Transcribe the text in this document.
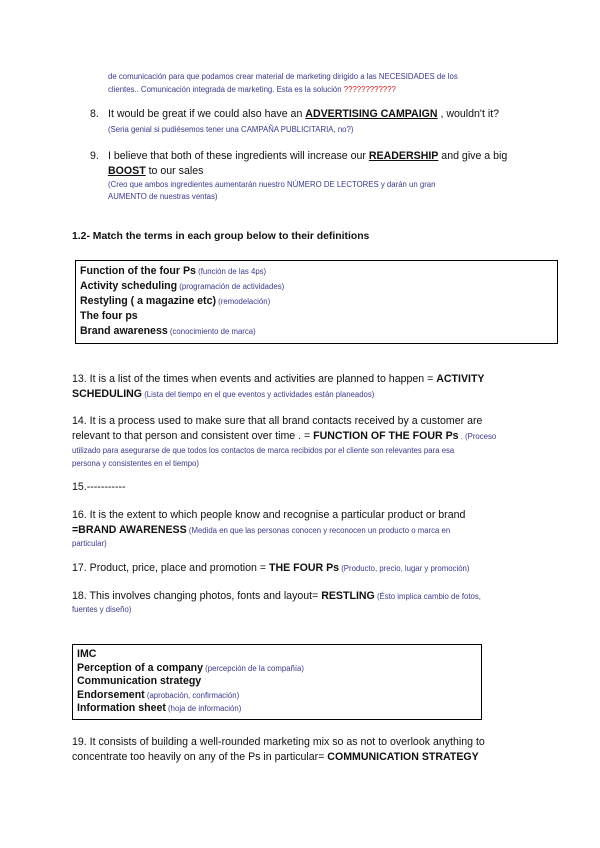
de comunicación para que podamos crear material de marketing dirigido a las NECESIDADES de los

clientes.. Comunicación integrada de marketing. Esta es la solución ????????????

8. It would be great if we could also have an ADVERTISING CAMPAIGN , wouldn't it?

(Seria genial si pudiésemos tener una CAMPAÑA PUBLICITARIA, no?)

9. I believe that both of these ingredients will increase our READERSHIP and give a big

BOOST to our sales

(Creo que ambos ingredientes aumentarán nuestro NÚMERO DE LECTORES y darán un gran

AUMENTO de nuestras ventas)

1.2- Match the terms in each group below to their definitions

Function of the four Ps (función de las 4ps)

Activity scheduling (programación de actividades)

Restyling ( a magazine etc) (remodelación)

The four ps

Brand awareness (conocimiento de marca)

13. It is a list of the times when events and activities are planned to happen = ACTIVITY

SCHEDULING (Lista del tiempo en el que eventos y actividades están planeados)

14. It is a process used to make sure that all brand contacts received by a customer are

relevant to that person and consistent over time . = FUNCTION OF THE FOUR Ps . (Proceso

utilizado para asegurarse de que todos los contactos de marca recibidos por el cliente son relevantes para esa

persona y consistentes en el tiempo)

15.-----------

16. It is the extent to which people know and recognise a particular product or brand

=BRAND AWARENESS (Medida en que las personas conocen y reconocen un producto o marca en

particular)

17. Product, price, place and promotion = THE FOUR Ps (Producto, precio, lugar y promoción)

18. This involves changing photos, fonts and layout= RESTLING (Ésto implica cambio de fotos,

fuentes y diseño)

IMC

Perception of a company (percepción de la compañía)

Communication strategy

Endorsement (aprobación, confirmación)

Information sheet (hoja de información)

19. It consists of building a well-rounded marketing mix so as not to overlook anything to

concentrate too heavily on any of the Ps in particular= COMMUNICATION STRATEGY
